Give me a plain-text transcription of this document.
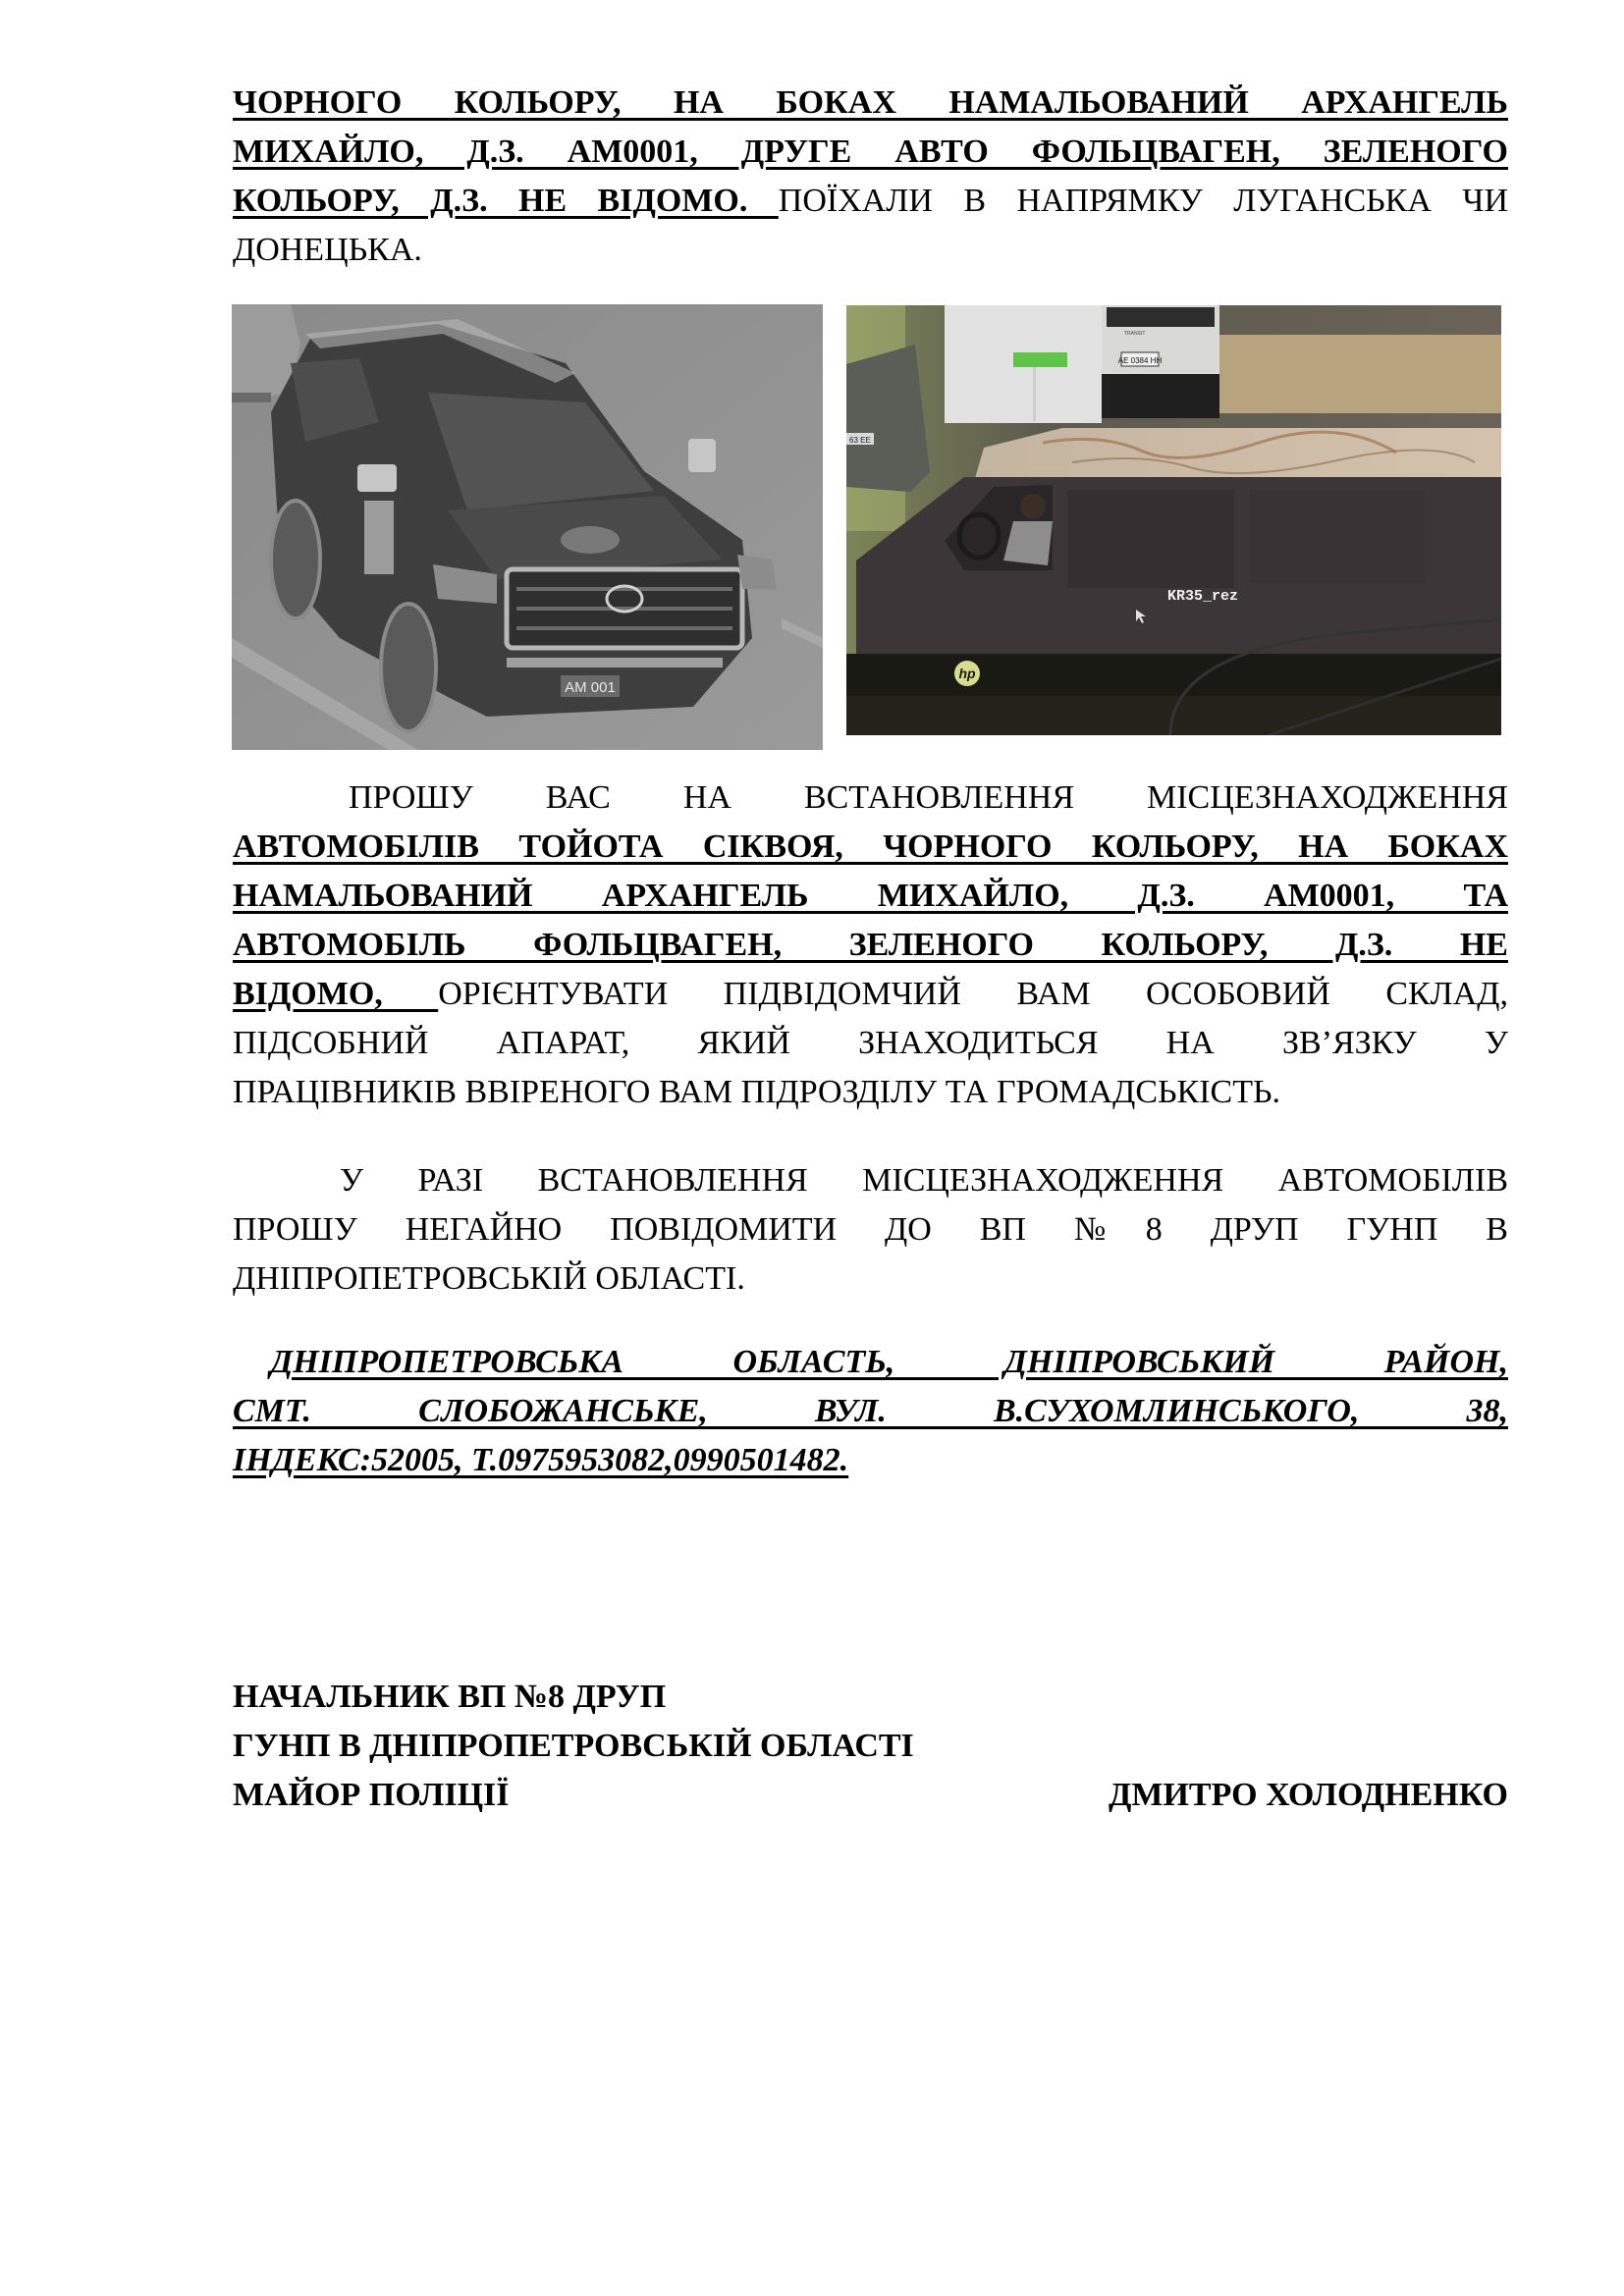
ЧОРНОГО КОЛЬОРУ, НА БОКАХ НАМАЛЬОВАНИЙ АРХАНГЕЛЬ
МИХАЙЛО, Д.З. АМ0001, ДРУГЕ АВТО ФОЛЬЦВАГЕН, ЗЕЛЕНОГО
КОЛЬОРУ, Д.З. НЕ ВІДОМО. ПОЇХАЛИ В НАПРЯМКУ ЛУГАНСЬКА ЧИ
ДОНЕЦЬКА.
AM 001
AE 0384 HH
TRANSIT
63 EE
KR35_rez
hp
ПРОШУ ВАС НА ВСТАНОВЛЕННЯ МІСЦЕЗНАХОДЖЕННЯ
АВТОМОБІЛІВ ТОЙОТА СІКВОЯ, ЧОРНОГО КОЛЬОРУ, НА БОКАХ
НАМАЛЬОВАНИЙ АРХАНГЕЛЬ МИХАЙЛО, Д.З. АМ0001, ТА
АВТОМОБІЛЬ ФОЛЬЦВАГЕН, ЗЕЛЕНОГО КОЛЬОРУ, Д.З. НЕ
ВІДОМО, ОРІЄНТУВАТИ ПІДВІДОМЧИЙ ВАМ ОСОБОВИЙ СКЛАД,
ПІДСОБНИЙ АПАРАТ, ЯКИЙ ЗНАХОДИТЬСЯ НА ЗВ’ЯЗКУ У
ПРАЦІВНИКІВ ВВІРЕНОГО ВАМ ПІДРОЗДІЛУ ТА ГРОМАДСЬКІСТЬ.
У РАЗІ ВСТАНОВЛЕННЯ МІСЦЕЗНАХОДЖЕННЯ АВТОМОБІЛІВ
ПРОШУ НЕГАЙНО ПОВІДОМИТИ ДО ВП №8 ДРУП ГУНП В
ДНІПРОПЕТРОВСЬКІЙ ОБЛАСТІ.
ДНІПРОПЕТРОВСЬКА ОБЛАСТЬ, ДНІПРОВСЬКИЙ РАЙОН,
СМТ. СЛОБОЖАНСЬКЕ, ВУЛ. В.СУХОМЛИНСЬКОГО, 38,
ІНДЕКС:52005, Т.0975953082,0990501482.
НАЧАЛЬНИК ВП №8 ДРУП
ГУНП В ДНІПРОПЕТРОВСЬКІЙ ОБЛАСТІ
МАЙОР ПОЛІЦІЇ	ДМИТРО ХОЛОДНЕНКО
